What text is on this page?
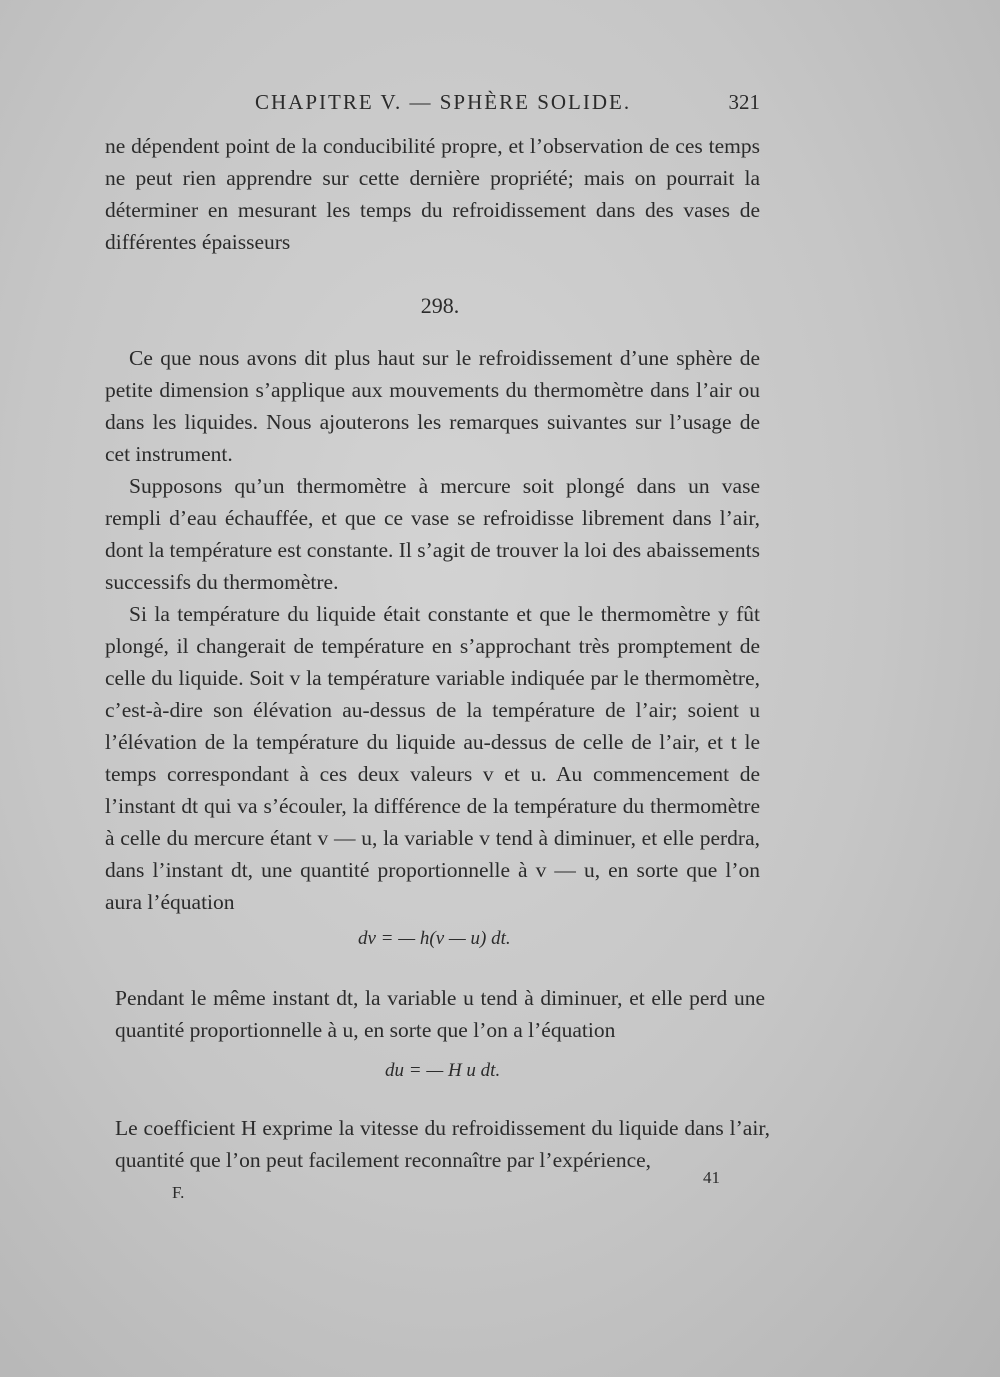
CHAPITRE V. — SPHÈRE SOLIDE.	321

ne dépendent point de la conducibilité propre, et l’observation de ces temps ne peut rien apprendre sur cette dernière propriété; mais on pourrait la déterminer en mesurant les temps du refroidissement dans des vases de différentes épaisseurs

298.

Ce que nous avons dit plus haut sur le refroidissement d’une sphère de petite dimension s’applique aux mouvements du thermomètre dans l’air ou dans les liquides. Nous ajouterons les remarques suivantes sur l’usage de cet instrument.

Supposons qu’un thermomètre à mercure soit plongé dans un vase rempli d’eau échauffée, et que ce vase se refroidisse librement dans l’air, dont la température est constante. Il s’agit de trouver la loi des abaissements successifs du thermomètre.

Si la température du liquide était constante et que le thermomètre y fût plongé, il changerait de température en s’approchant très promptement de celle du liquide. Soit v la température variable indiquée par le thermomètre, c’est-à-dire son élévation au-dessus de la température de l’air; soient u l’élévation de la température du liquide au-dessus de celle de l’air, et t le temps correspondant à ces deux valeurs v et u. Au commencement de l’instant dt qui va s’écouler, la différence de la température du thermomètre à celle du mercure étant v — u, la variable v tend à diminuer, et elle perdra, dans l’instant dt, une quantité proportionnelle à v — u, en sorte que l’on aura l’équation

dv = — h(v — u) dt.

Pendant le même instant dt, la variable u tend à diminuer, et elle perd une quantité proportionnelle à u, en sorte que l’on a l’équation

du = — H u dt.

Le coefficient H exprime la vitesse du refroidissement du liquide dans l’air, quantité que l’on peut facilement reconnaître par l’expérience,

F.
41
